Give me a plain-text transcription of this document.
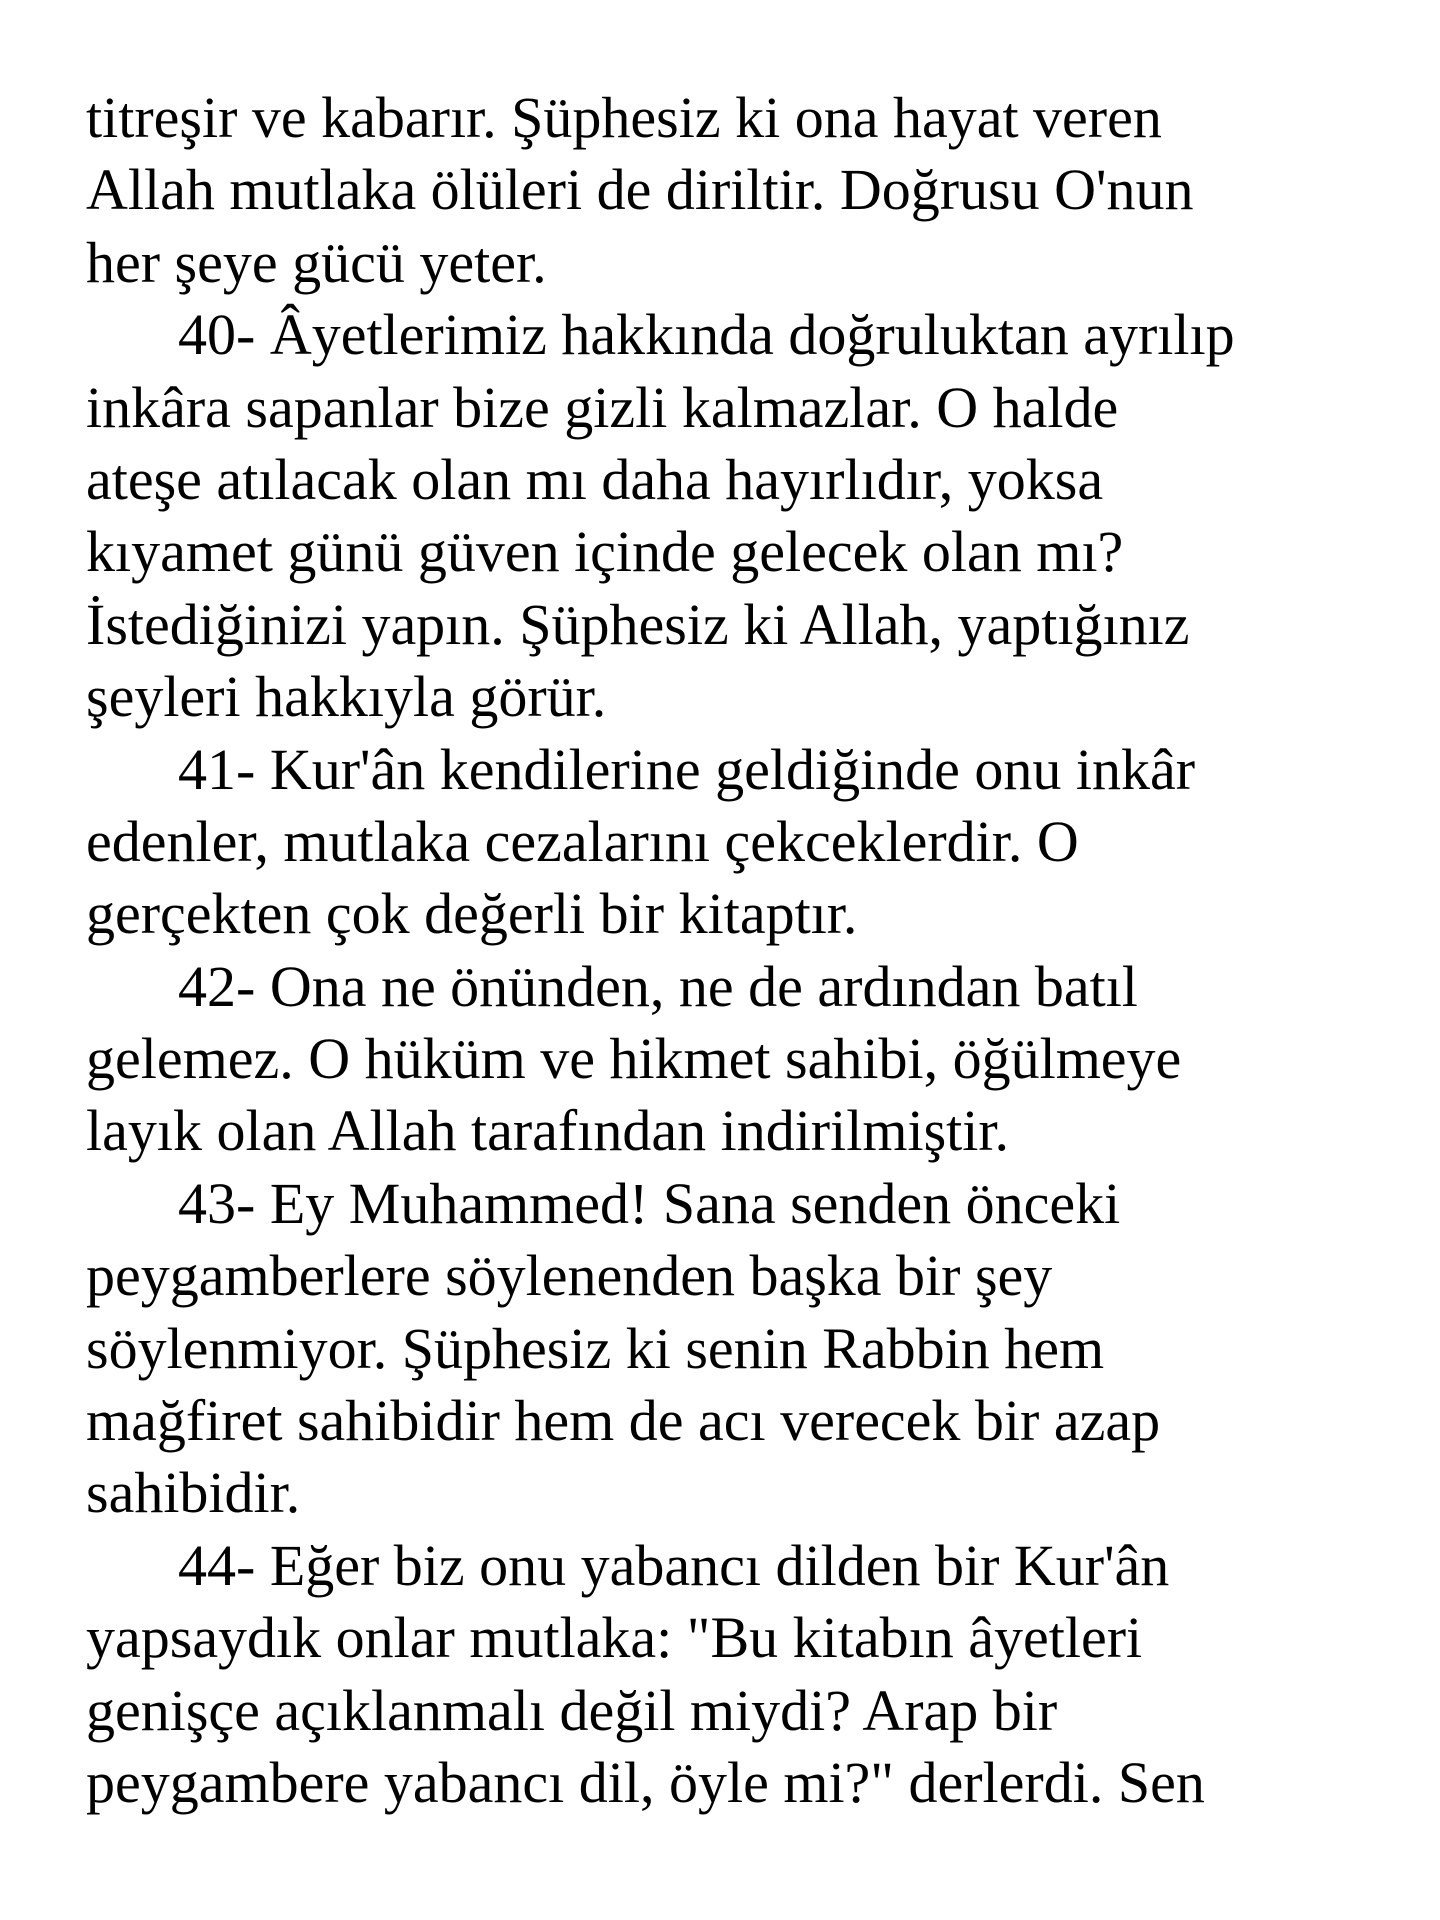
titreşir ve kabarır. Şüphesiz ki ona hayat veren
Allah mutlaka ölüleri de diriltir. Doğrusu O'nun
her şeye gücü yeter.
40- Âyetlerimiz hakkında doğruluktan ayrılıp
inkâra sapanlar bize gizli kalmazlar. O halde
ateşe atılacak olan mı daha hayırlıdır, yoksa
kıyamet günü güven içinde gelecek olan mı?
İstediğinizi yapın. Şüphesiz ki Allah, yaptığınız
şeyleri hakkıyla görür.
41- Kur'ân kendilerine geldiğinde onu inkâr
edenler, mutlaka cezalarını çekceklerdir. O
gerçekten çok değerli bir kitaptır.
42- Ona ne önünden, ne de ardından batıl
gelemez. O hüküm ve hikmet sahibi, öğülmeye
layık olan Allah tarafından indirilmiştir.
43- Ey Muhammed! Sana senden önceki
peygamberlere söylenenden başka bir şey
söylenmiyor. Şüphesiz ki senin Rabbin hem
mağfiret sahibidir hem de acı verecek bir azap
sahibidir.
44- Eğer biz onu yabancı dilden bir Kur'ân
yapsaydık onlar mutlaka: "Bu kitabın âyetleri
genişçe açıklanmalı değil miydi? Arap bir
peygambere yabancı dil, öyle mi?" derlerdi. Sen
